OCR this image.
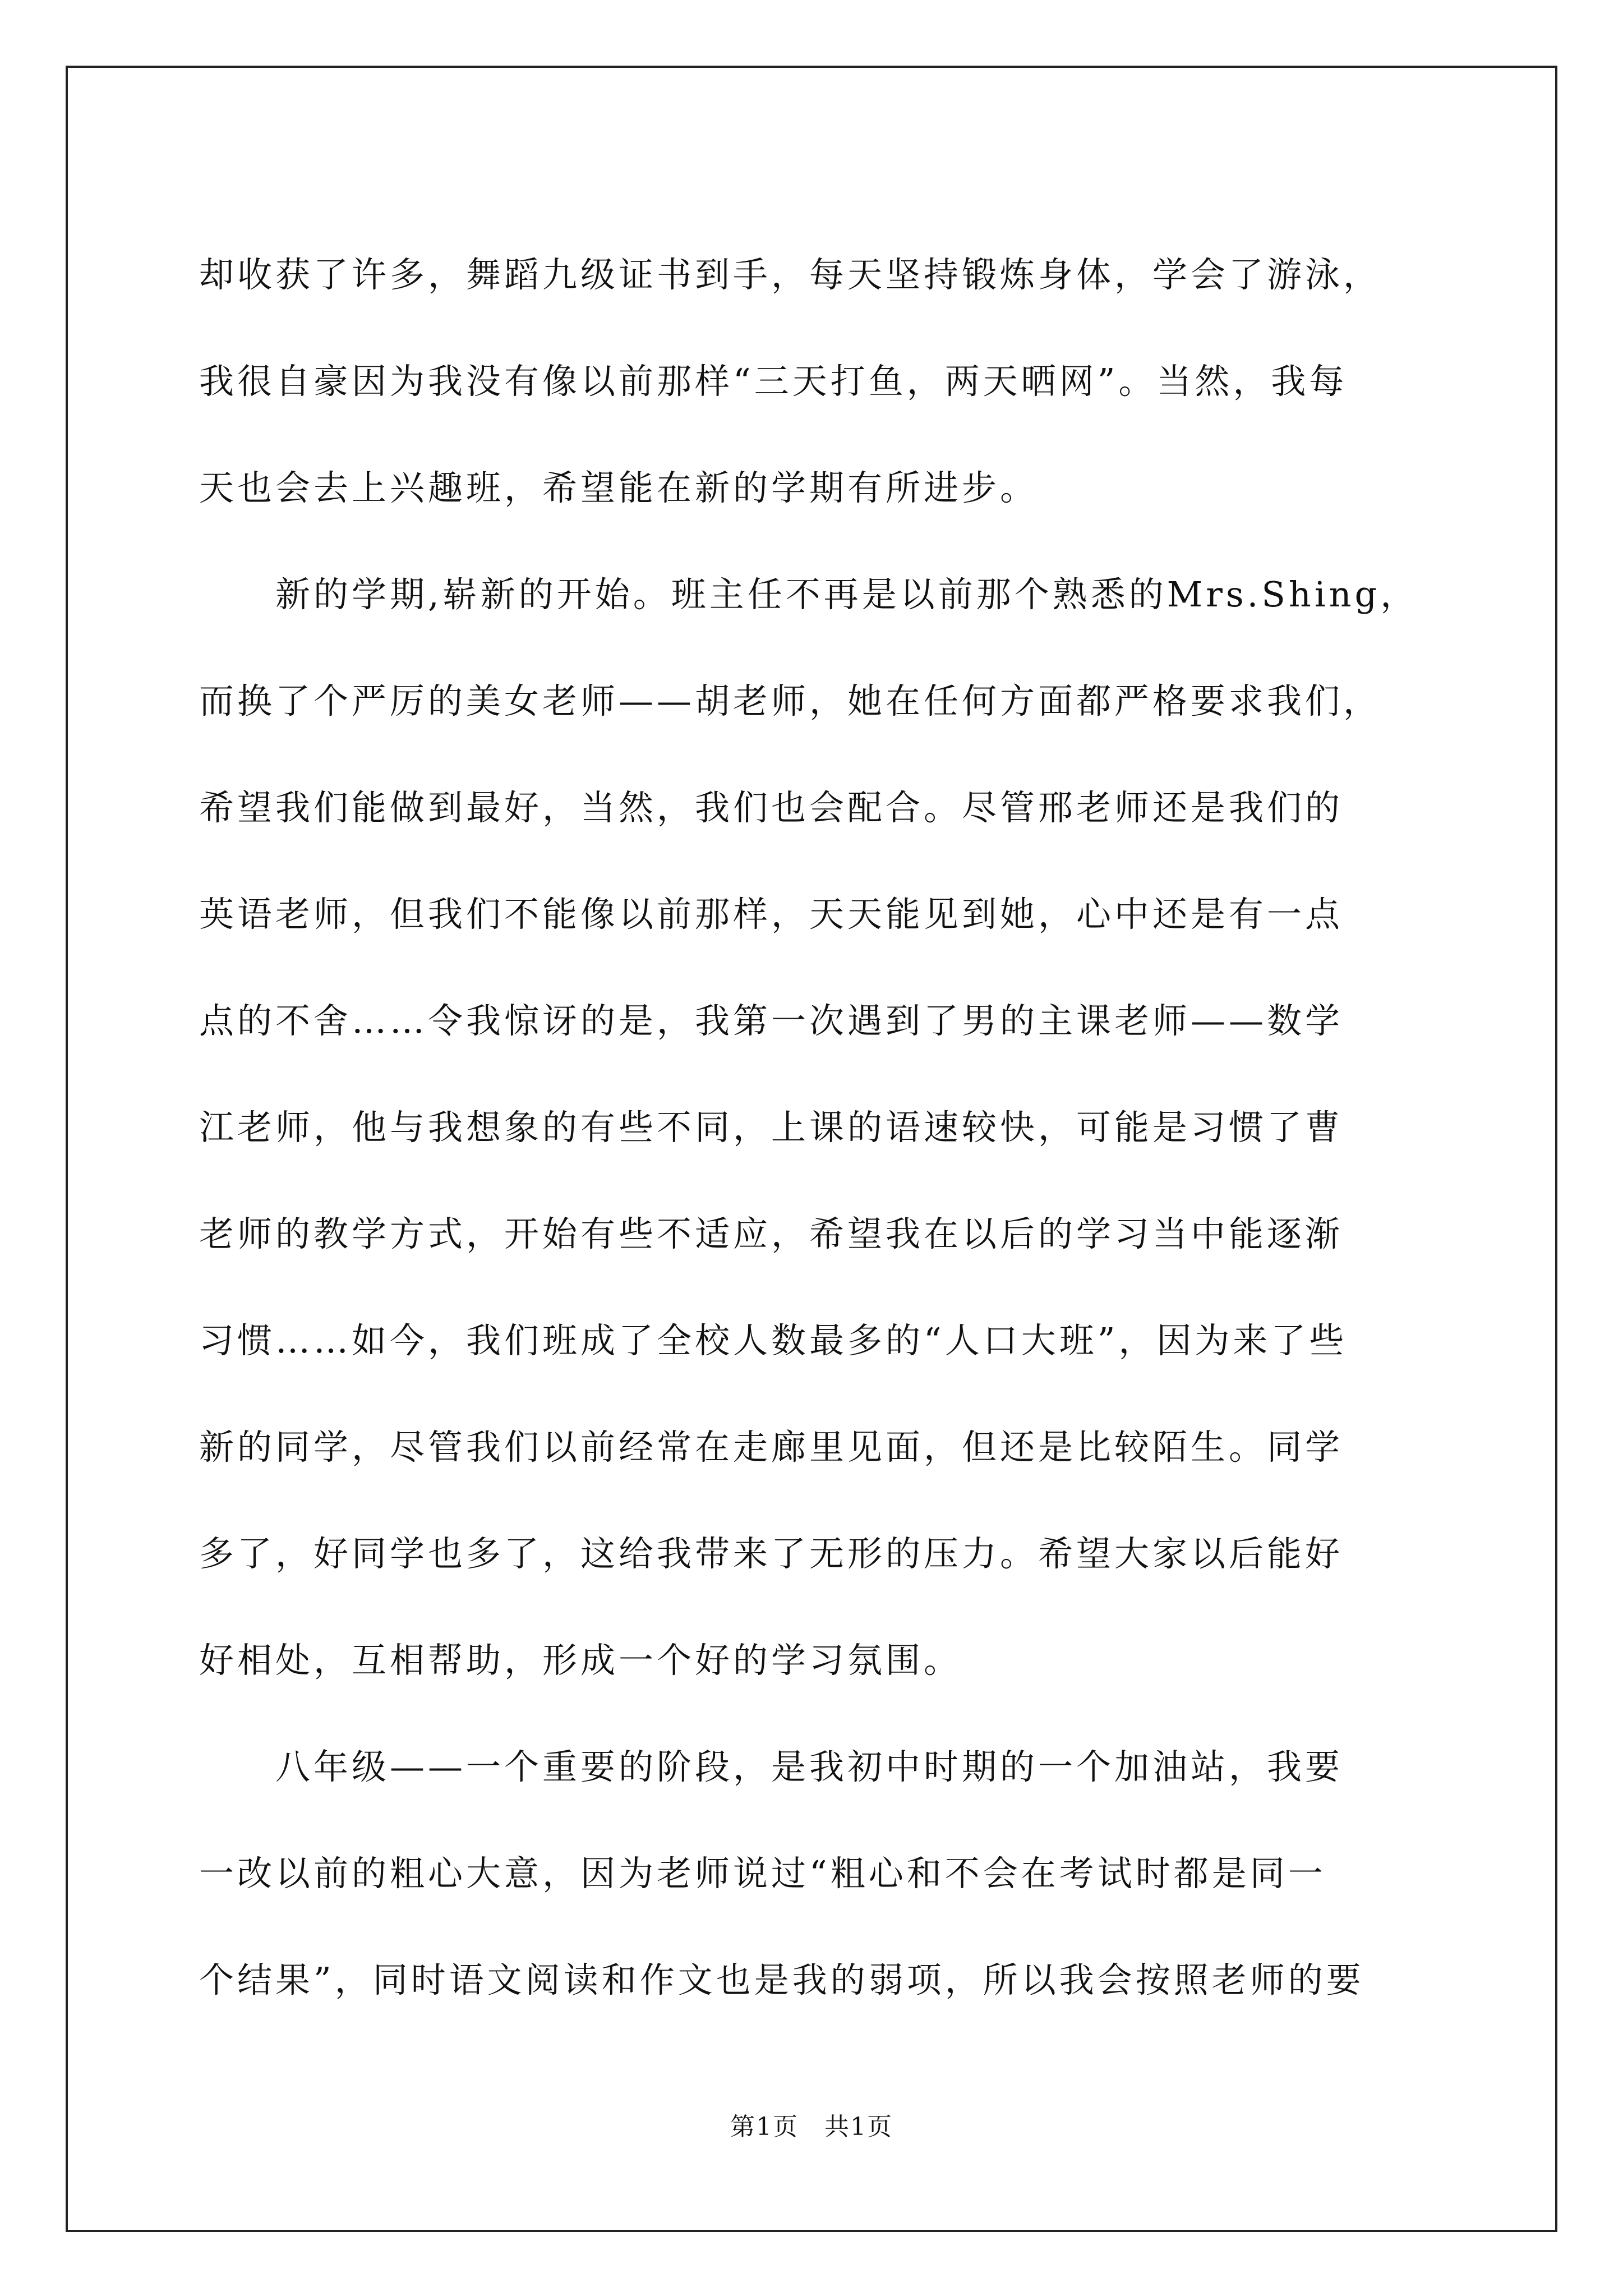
却收获了许多，舞蹈九级证书到手，每天坚持锻炼身体，学会了游泳，
我很自豪因为我没有像以前那样“三天打鱼，两天晒网”。当然，我每
天也会去上兴趣班，希望能在新的学期有所进步。
　　新的学期,崭新的开始。班主任不再是以前那个熟悉的Mrs.Shing，
而换了个严厉的美女老师——胡老师，她在任何方面都严格要求我们，
希望我们能做到最好，当然，我们也会配合。尽管邢老师还是我们的
英语老师，但我们不能像以前那样，天天能见到她，心中还是有一点
点的不舍……令我惊讶的是，我第一次遇到了男的主课老师——数学
江老师，他与我想象的有些不同，上课的语速较快，可能是习惯了曹
老师的教学方式，开始有些不适应，希望我在以后的学习当中能逐渐
习惯……如今，我们班成了全校人数最多的“人口大班”，因为来了些
新的同学，尽管我们以前经常在走廊里见面，但还是比较陌生。同学
多了，好同学也多了，这给我带来了无形的压力。希望大家以后能好
好相处，互相帮助，形成一个好的学习氛围。
　　八年级——一个重要的阶段，是我初中时期的一个加油站，我要
一改以前的粗心大意，因为老师说过“粗心和不会在考试时都是同一
个结果”，同时语文阅读和作文也是我的弱项，所以我会按照老师的要
第1页　共1页
